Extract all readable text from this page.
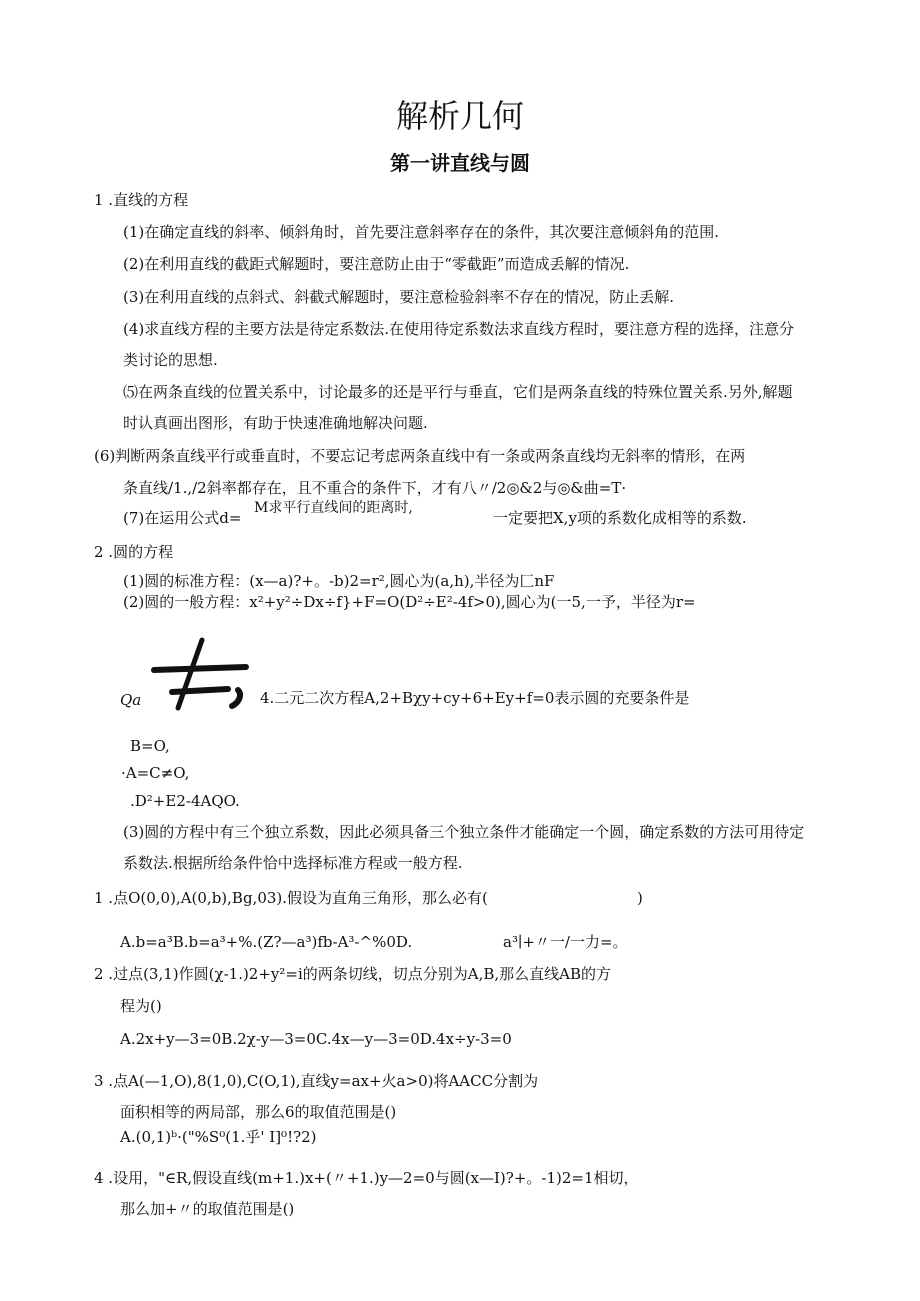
解析几何
第一讲直线与圆
1 .直线的方程
(1)在确定直线的斜率、倾斜角时，首先要注意斜率存在的条件，其次要注意倾斜角的范围.
(2)在利用直线的截距式解题时，要注意防止由于“零截距”而造成丢解的情况.
(3)在利用直线的点斜式、斜截式解题时，要注意检验斜率不存在的情况，防止丢解.
(4)求直线方程的主要方法是待定系数法.在使用待定系数法求直线方程时，要注意方程的选择，注意分
类讨论的思想.
⑸在两条直线的位置关系中，讨论最多的还是平行与垂直，它们是两条直线的特殊位置关系.另外,解题
时认真画出图形，有助于快速准确地解决问题.
(6)判断两条直线平行或垂直时，不要忘记考虑两条直线中有一条或两条直线均无斜率的情形，在两
条直线/1.,/2斜率都存在，且不重合的条件下，才有八〃/2◎&2与◎&曲=T·
(7)在运用公式d=
M求平行直线间的距离时,
一定要把X,y项的系数化成相等的系数.
2 .圆的方程
(1)圆的标准方程：(x—a)?+。-b)2=r²,圆心为(a,h),半径为匚nF
(2)圆的一般方程：x²+y²÷Dx÷f}+F=O(D²÷E²-4f>0),圆心为(一5,一予，半径为r=
Qa	4.二元二次方程A,2+Bχy+cy+6+Ey+f=0表示圆的充要条件是
B=O,
·A=C≠O,
.D²+E2-4AQO.
(3)圆的方程中有三个独立系数，因此必须具备三个独立条件才能确定一个圆，确定系数的方法可用待定
系数法.根据所给条件恰中选择标准方程或一般方程.
1 .点O(0,0),A(0,b),Bg,03).假设为直角三角形，那么必有(	)
A.b=a³B.b=a³+%.(Z?—a³)fb-A³-^%0D.	a³∣+〃一/一力=。
2 .过点(3,1)作圆(χ-1.)2+y²=i的两条切线，切点分别为A,B,那么直线AB的方
程为()
A.2x+y—3=0B.2χ-y—3=0C.4x—y—3=0D.4x÷y-3=0
3 .点A(—1,O),8(1,0),C(O,1),直线y=ax+火a>0)将AACC分割为
面积相等的两局部，那么6的取值范围是()
A.(0,1)ᵇ·("%S⁰(1.乎' I]⁰!?2)
4 .设用，"∈R,假设直线(m+1.)x+(〃+1.)y—2=0与圆(x—I)?+。-1)2=1相切，
那么加+〃的取值范围是()
